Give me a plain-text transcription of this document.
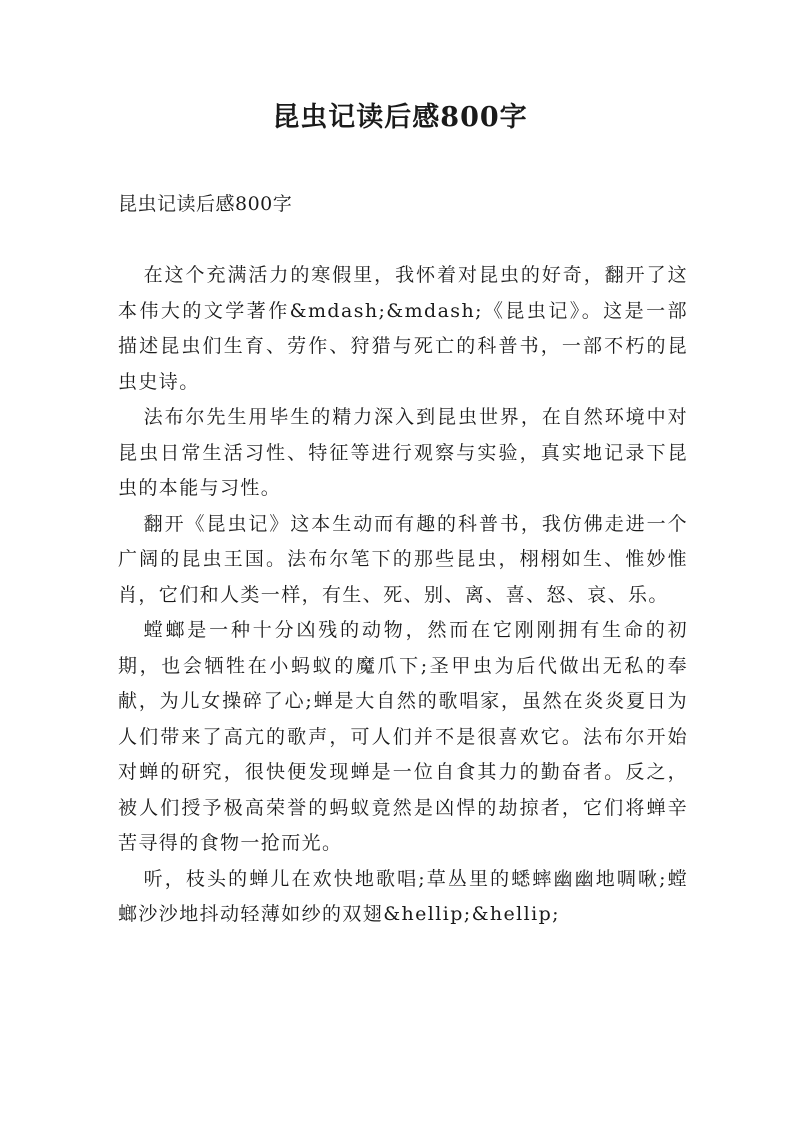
昆虫记读后感800字
昆虫记读后感800字

在这个充满活力的寒假里，我怀着对昆虫的好奇，翻开了这本伟大的文学著作&mdash;&mdash;《昆虫记》。这是一部描述昆虫们生育、劳作、狩猎与死亡的科普书，一部不朽的昆虫史诗。

法布尔先生用毕生的精力深入到昆虫世界，在自然环境中对昆虫日常生活习性、特征等进行观察与实验，真实地记录下昆虫的本能与习性。

翻开《昆虫记》这本生动而有趣的科普书，我仿佛走进一个广阔的昆虫王国。法布尔笔下的那些昆虫，栩栩如生、惟妙惟肖，它们和人类一样，有生、死、别、离、喜、怒、哀、乐。

螳螂是一种十分凶残的动物，然而在它刚刚拥有生命的初期，也会牺牲在小蚂蚁的魔爪下;圣甲虫为后代做出无私的奉献，为儿女操碎了心;蝉是大自然的歌唱家，虽然在炎炎夏日为人们带来了高亢的歌声，可人们并不是很喜欢它。法布尔开始对蝉的研究，很快便发现蝉是一位自食其力的勤奋者。反之，被人们授予极高荣誉的蚂蚁竟然是凶悍的劫掠者，它们将蝉辛苦寻得的食物一抢而光。

听，枝头的蝉儿在欢快地歌唱;草丛里的蟋蟀幽幽地啁啾;螳螂沙沙地抖动轻薄如纱的双翅&hellip;&hellip;
